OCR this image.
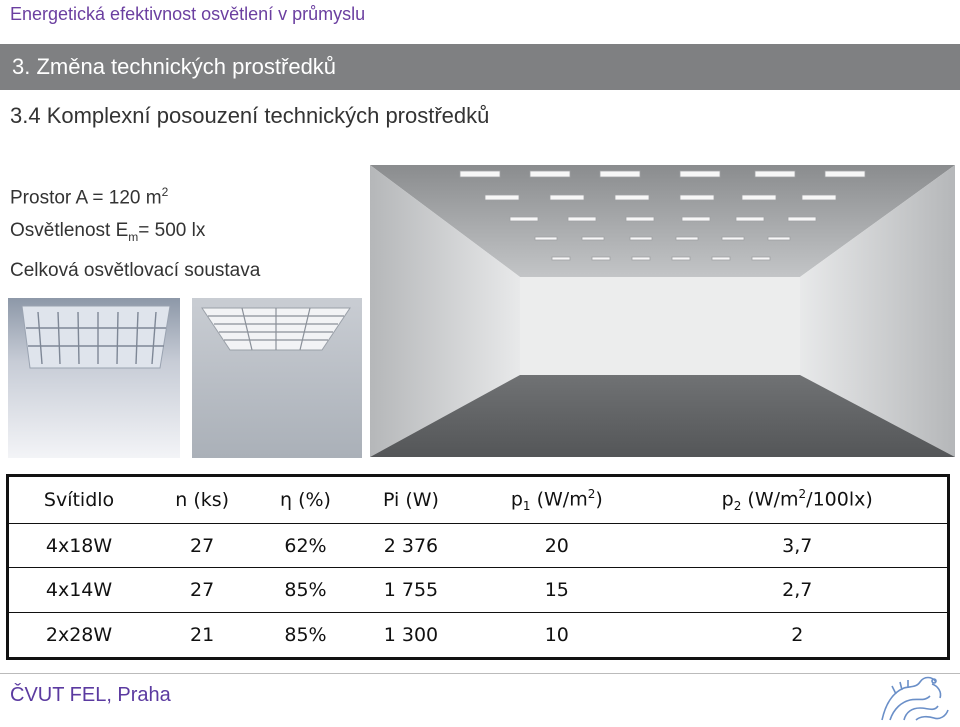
Energetická efektivnost osvětlení v průmyslu
3. Změna technických prostředků
3.4 Komplexní posouzení technických prostředků
Prostor A = 120 $m^2$
Osvětlenost $E_m= 500$ lx
Celková osvětlovací soustava
Svítidlo	n (ks)	η (%)	Pi (W)	$p_1$ $(W/m^2)$	$p_2$ $(W/m^2/100lx)$
4x18W	27	62%	2 376	20	3,7
4x14W	27	85%	1 755	15	2,7
2x28W	21	85%	1 300	10	2
ČVUT FEL, Praha
